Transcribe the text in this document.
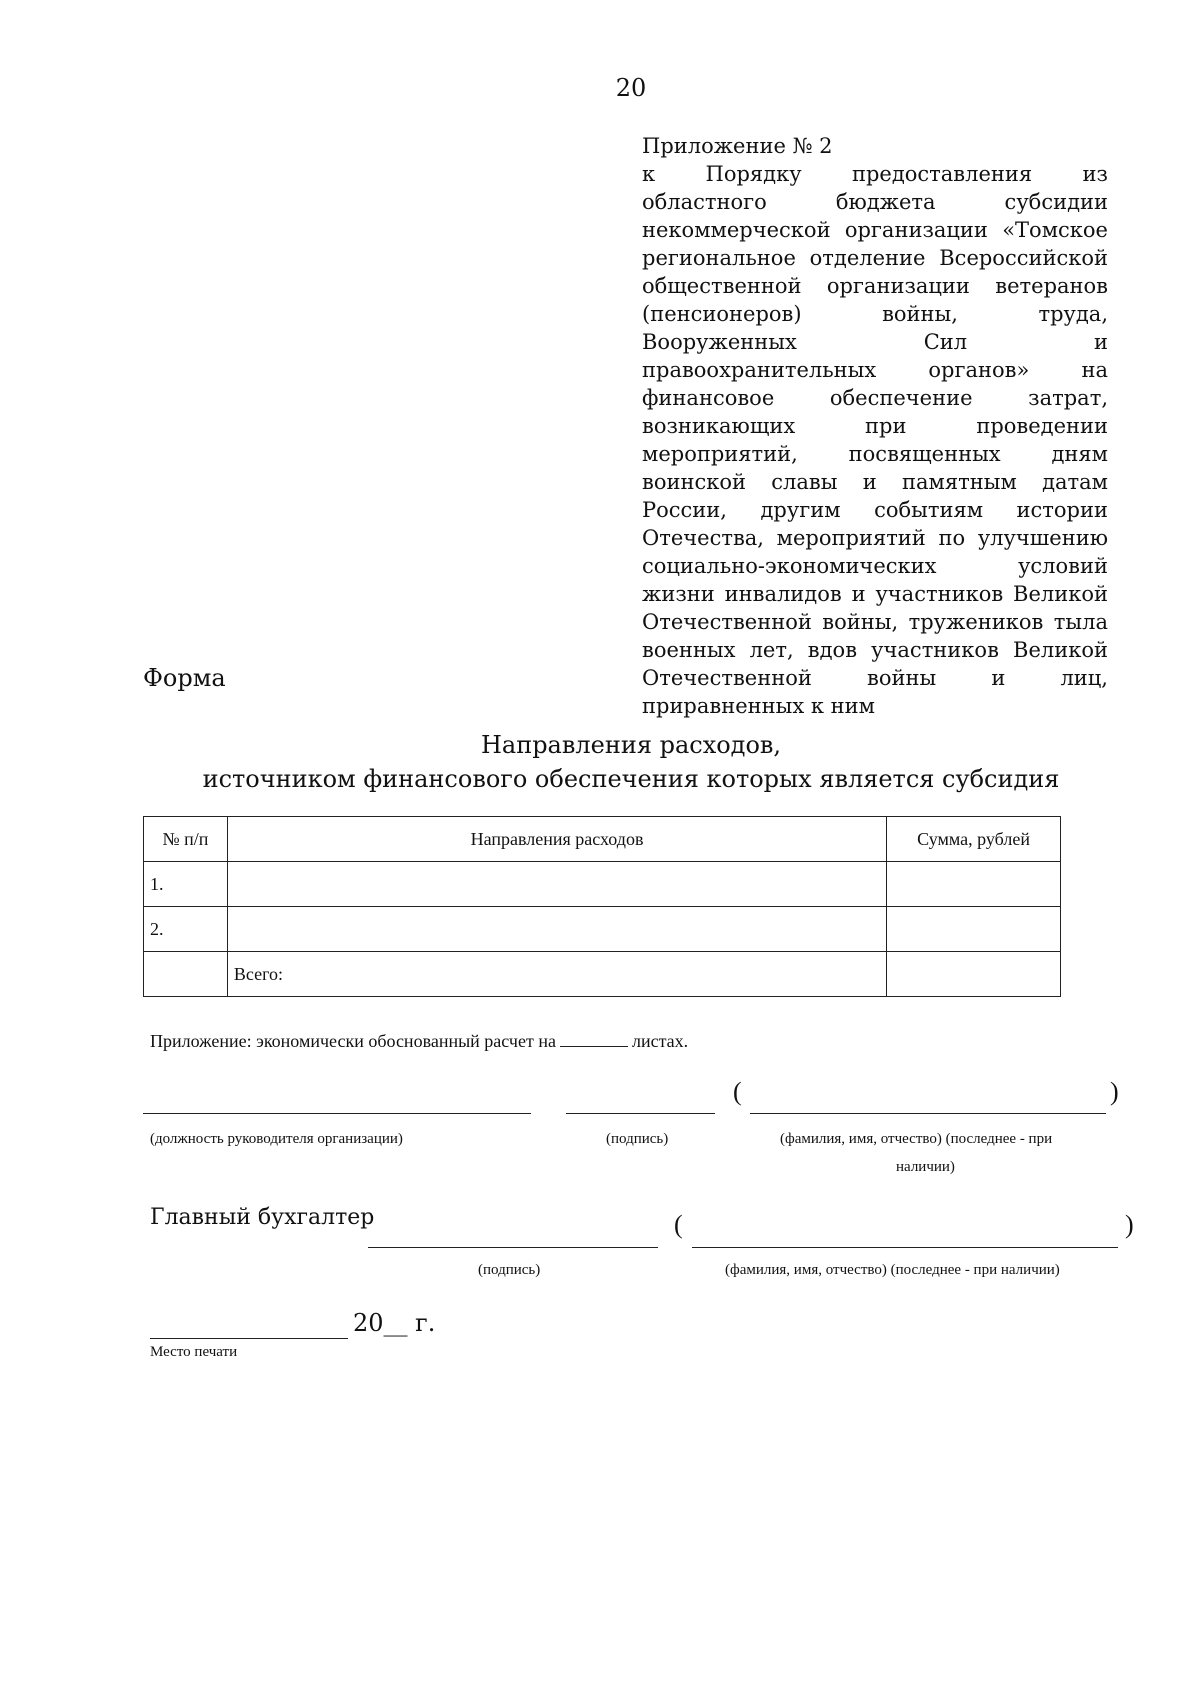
20
Приложение № 2
к Порядку предоставления из областного бюджета субсидии некоммерческой организации «Томское региональное отделение Всероссийской общественной организации ветеранов (пенсионеров) войны, труда, Вооруженных Сил и правоохранительных органов» на финансовое обеспечение затрат, возникающих при проведении мероприятий, посвященных дням воинской славы и памятным датам России, другим событиям истории Отечества, мероприятий по улучшению социально-экономических условий жизни инвалидов и участников Великой Отечественной войны, тружеников тыла военных лет, вдов участников Великой Отечественной войны и лиц, приравненных к ним
Форма
Направления расходов,
источником финансового обеспечения которых является субсидия
№ п/п	Направления расходов	Сумма, рублей
1.		
2.		
	Всего:	
Приложение: экономически обоснованный расчет на	листах.
(	)
(должность руководителя организации)	(подпись)	(фамилия, имя, отчество) (последнее - при
наличии)
Главный бухгалтер	(	)
(подпись)	(фамилия, имя, отчество) (последнее - при наличии)
20__ г.
Место печати
